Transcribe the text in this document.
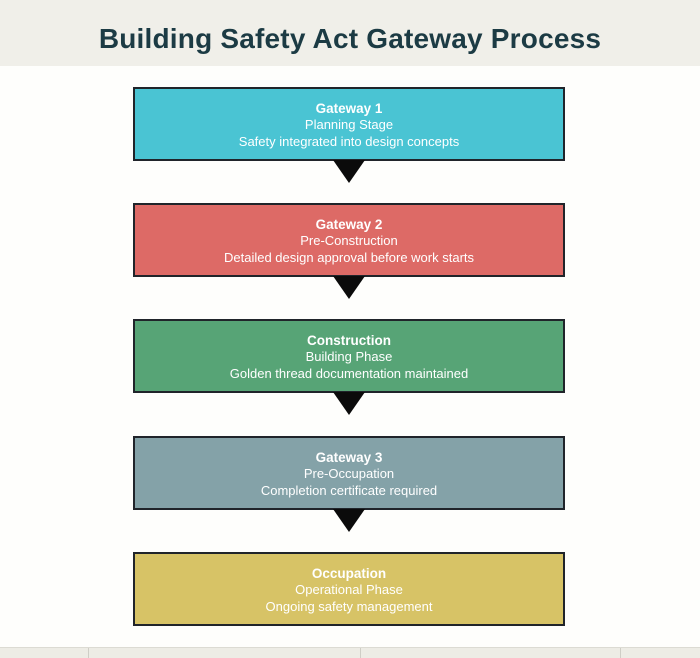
Building Safety Act Gateway Process
Gateway 1
Planning Stage
Safety integrated into design concepts
Gateway 2
Pre-Construction
Detailed design approval before work starts
Construction
Building Phase
Golden thread documentation maintained
Gateway 3
Pre-Occupation
Completion certificate required
Occupation
Operational Phase
Ongoing safety management
